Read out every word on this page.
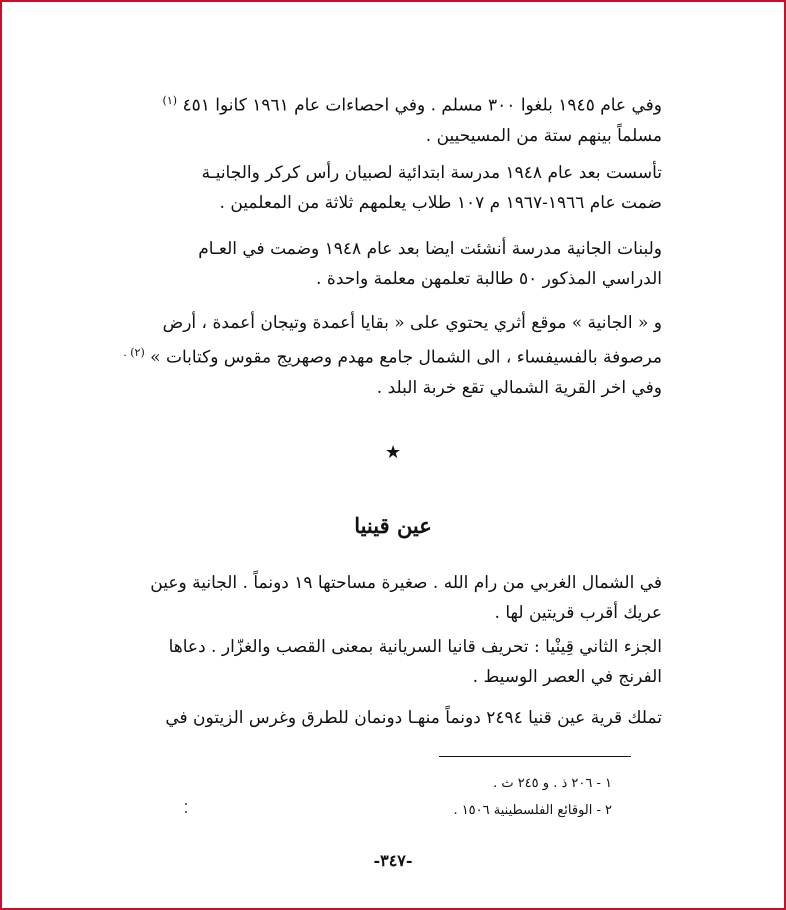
وفي عام ١٩٤٥ بلغوا ٣٠٠ مسلم . وفي احصاءات عام ١٩٦١ كانوا ٤٥١ $^{(١)}$

مسلماً بينهم ستة من المسيحيين .

تأسست بعد عام ١٩٤٨ مدرسة ابتدائية لصبيان رأس كركر والجانيـة

ضمت عام ١٩٦٦-١٩٦٧ م ١٠٧ طلاب يعلمهم ثلاثة من المعلمين .

ولبنات الجانية مدرسة أنشئت ايضا بعد عام ١٩٤٨ وضمت في العـام

الدراسي المذكور ٥٠ طالبة تعلمهن معلمة واحدة .

و « الجانية » موقع أثري يحتوي على « بقايا أعمدة وتيجان أعمدة ، أرض

مرصوفة بالفسيفساء ، الى الشمال جامع مهدم وصهريج مقوس وكتابات » $^{(٢) .}$

وفي اخر القرية الشمالي تقع خربة البلد .

★
عين قينيا

في الشمال الغربي من رام الله . صغيرة مساحتها ١٩ دونماً . الجانية وعين

عريك أقرب قريتين لها .

الجزء الثاني قِينْيا : تحريف قانيا السريانية بمعنى القصب والغزّار . دعاها

الفرنج في العصر الوسيط .

تملك قرية عين قنيا ٢٤٩٤ دونماً منهـا دونمان للطرق وغرس الزيتون في

١ - ٢٠٦ ذ . و ٢٤٥ ث .

٢ - الوقائع الفلسطينية ١٥٠٦ .

-٣٤٧-
